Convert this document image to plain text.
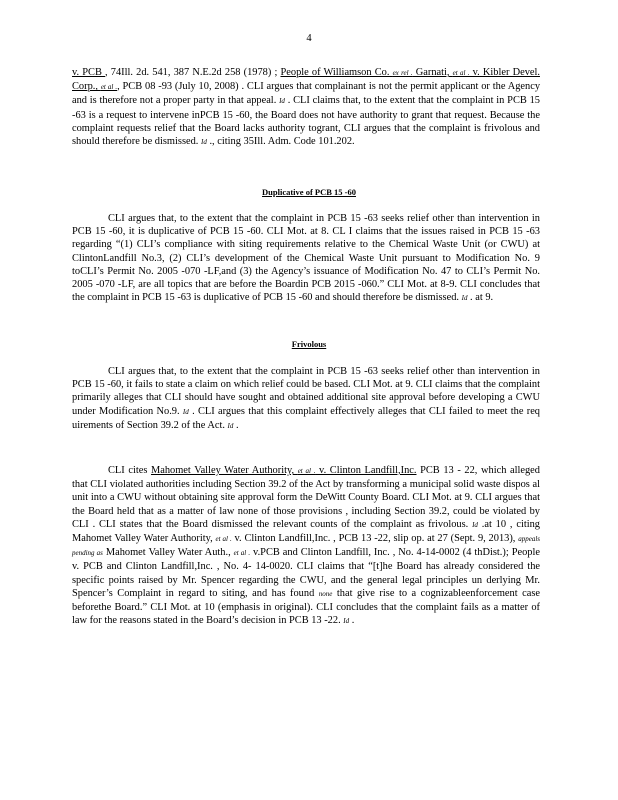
4

v. PCB , 74Ill. 2d. 541, 387 N.E.2d 258 (1978) ; People of Williamson Co. ex rel . Garnati, et al . v. Kibler Devel. Corp., et al ., PCB 08 -93 (July 10, 2008) . CLI argues that complainant is not the permit applicant or the Agency and is therefore not a proper party in that appeal. Id . CLI claims that, to the extent that the complaint in PCB 15 -63 is a request to intervene inPCB 15 -60, the Board does not have authority to grant that request. Because the complaint requests relief that the Board lacks authority togrant, CLI argues that the complaint is frivolous and should therefore be dismissed. Id ., citing 35Ill. Adm. Code 101.202.

Duplicative of PCB 15 -60

CLI argues that, to the extent that the complaint in PCB 15 -63 seeks relief other than intervention in PCB 15 -60, it is duplicative of PCB 15 -60. CLI Mot. at 8. CL I claims that the issues raised in PCB 15 -63 regarding “(1) CLI’s compliance with siting requirements relative to the Chemical Waste Unit (or CWU) at ClintonLandfill No.3, (2) CLI’s development of the Chemical Waste Unit pursuant to Modification No. 9 toCLI’s Permit No. 2005 -070 -LF,and (3) the Agency’s issuance of Modification No. 47 to CLI’s Permit No. 2005 -070 -LF, are all topics that are before the Boardin PCB 2015 -060.” CLI Mot. at 8-9. CLI concludes that the complaint in PCB 15 -63 is duplicative of PCB 15 -60 and should therefore be dismissed. Id . at 9.

Frivolous

CLI argues that, to the extent that the complaint in PCB 15 -63 seeks relief other than intervention in PCB 15 -60, it fails to state a claim on which relief could be based. CLI Mot. at 9. CLI claims that the complaint primarily alleges that CLI should have sought and obtained additional site approval before developing a CWU under Modification No.9. Id . CLI argues that this complaint effectively alleges that CLI failed to meet the req uirements of Section 39.2 of the Act. Id .

CLI cites Mahomet Valley Water Authority, et al . v. Clinton Landfill,Inc. PCB 13 - 22, which alleged that CLI violated authorities including Section 39.2 of the Act by transforming a municipal solid waste dispos al unit into a CWU without obtaining site approval form the DeWitt County Board. CLI Mot. at 9. CLI argues that the Board held that as a matter of law none of those provisions , including Section 39.2, could be violated by CLI . CLI states that the Board dismissed the relevant counts of the complaint as frivolous. Id .at 10 , citing Mahomet Valley Water Authority, et al . v. Clinton Landfill,Inc. , PCB 13 -22, slip op. at 27 (Sept. 9, 2013), appeals pending as Mahomet Valley Water Auth., et al . v.PCB and Clinton Landfill, Inc. , No. 4-14-0002 (4 thDist.); People v. PCB and Clinton Landfill,Inc. , No. 4- 14-0020. CLI claims that “[t]he Board has already considered the specific points raised by Mr. Spencer regarding the CWU, and the general legal principles un derlying Mr. Spencer’s Complaint in regard to siting, and has found none that give rise to a cognizableenforcement case beforethe Board.” CLI Mot. at 10 (emphasis in original). CLI concludes that the complaint fails as a matter of law for the reasons stated in the Board’s decision in PCB 13 -22. Id .
